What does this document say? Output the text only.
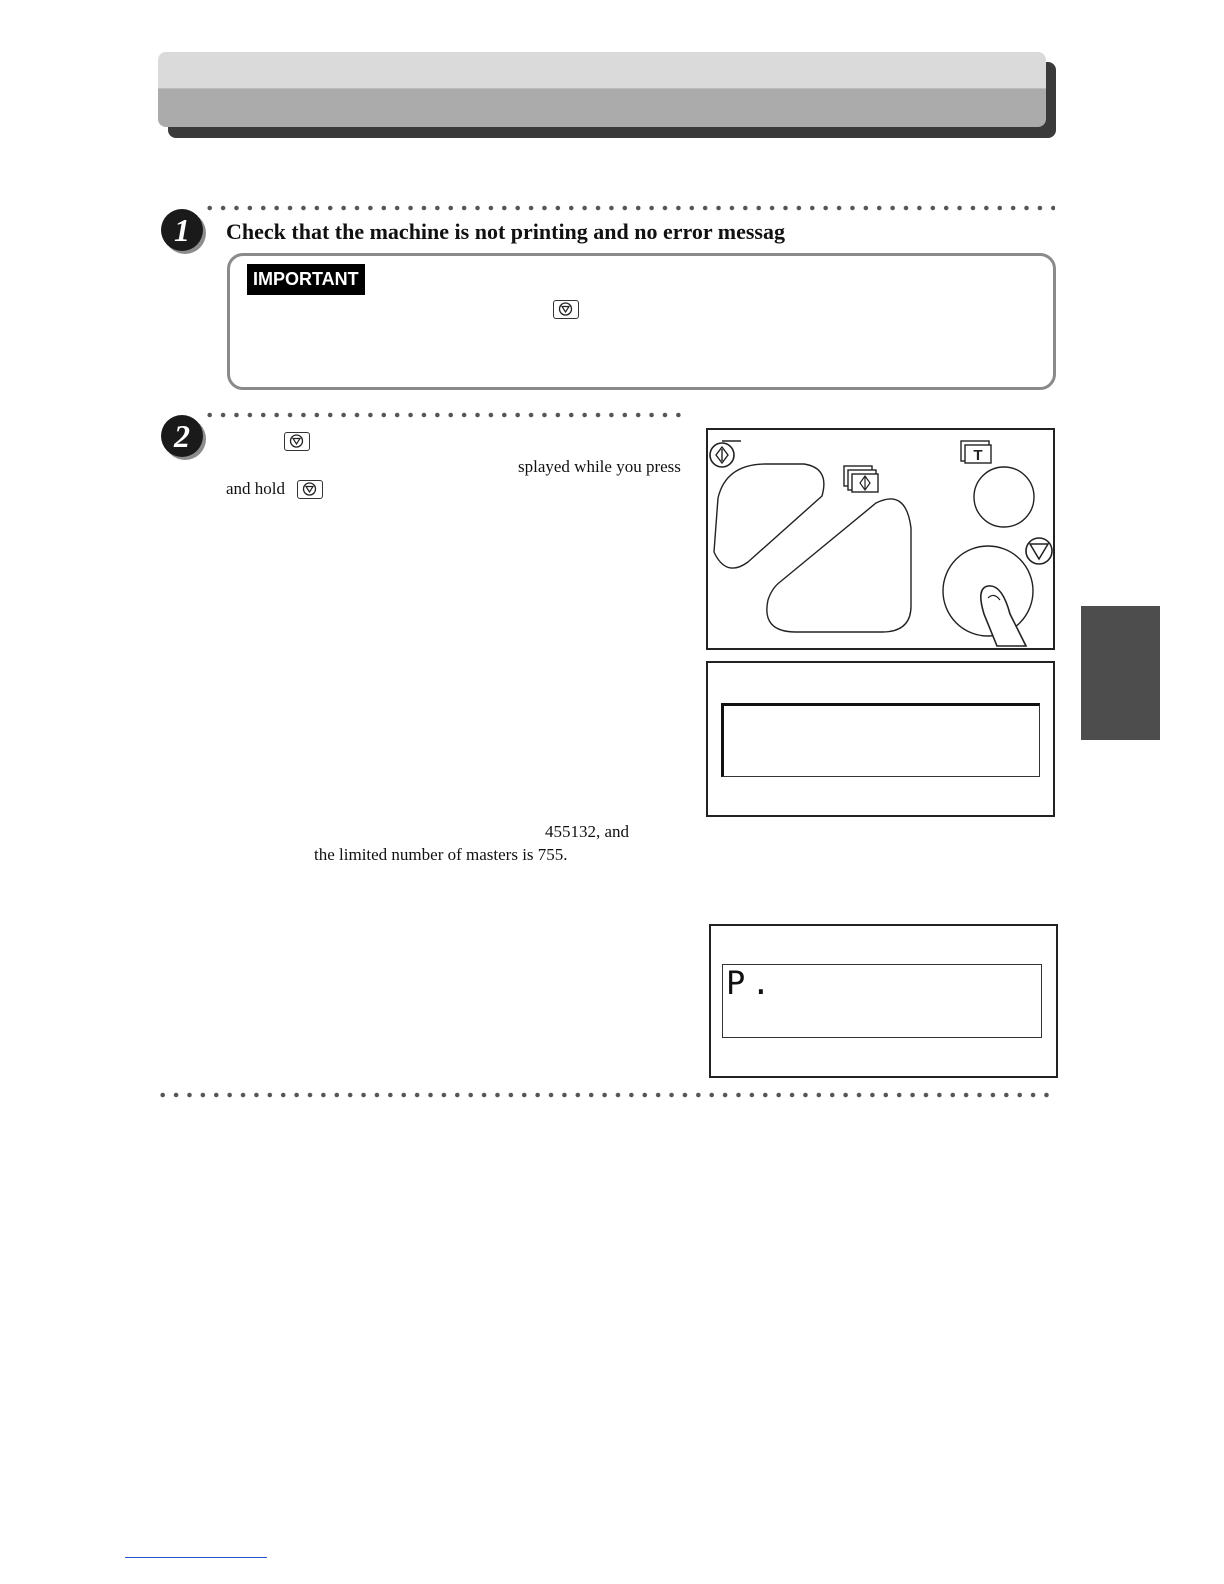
1 Check that the machine is not printing and no error messag
IMPORTANT
2
splayed while you press
and hold
T
455132, and
the limited number of masters is 755.
P.
